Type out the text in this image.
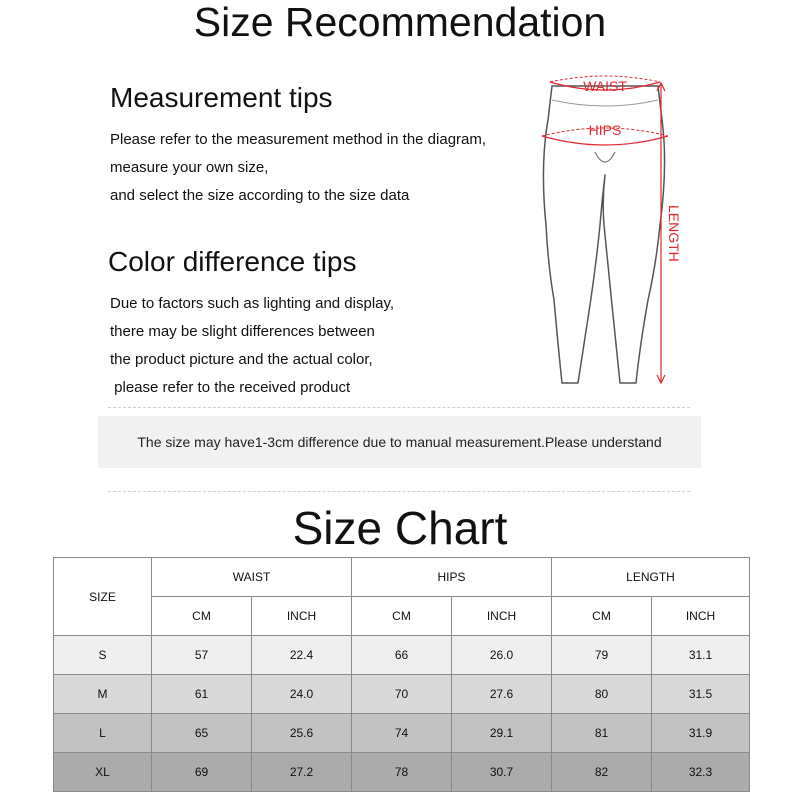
Size Recommendation
Measurement tips
Please refer to the measurement method in the diagram,
measure your own size,
and select the size according to the size data
Color difference tips
Due to factors such as lighting and display,
there may be slight differences between
the product picture and the actual color,
please refer to the received product
WAIST
HIPS
LENGTH
The size may have1-3cm difference due to manual measurement.Please understand
Size Chart
SIZE	WAIST		HIPS		LENGTH	
	CM	INCH	CM	INCH	CM	INCH
S	57	22.4	66	26.0	79	31.1
M	61	24.0	70	27.6	80	31.5
L	65	25.6	74	29.1	81	31.9
XL	69	27.2	78	30.7	82	32.3
